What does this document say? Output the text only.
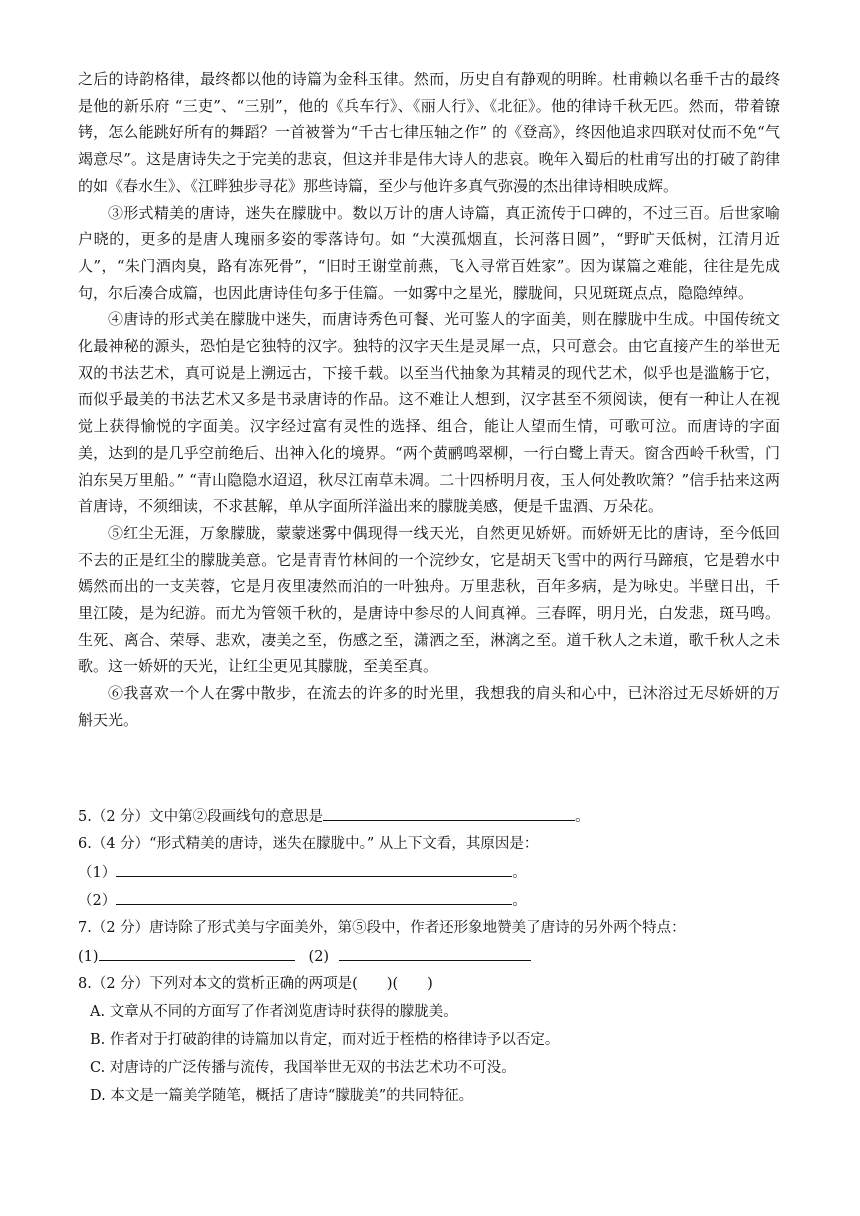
之后的诗韵格律，最终都以他的诗篇为金科玉律。然而，历史自有静观的明眸。杜甫赖以名垂千古的最终是他的新乐府 “三吏”、“三别”，他的《兵车行》、《丽人行》、《北征》。他的律诗千秋无匹。然而，带着镣铐，怎么能跳好所有的舞蹈？一首被誉为“千古七律压轴之作” 的《登高》，终因他追求四联对仗而不免“气竭意尽”。这是唐诗失之于完美的悲哀，但这并非是伟大诗人的悲哀。晚年入蜀后的杜甫写出的打破了韵律的如《春水生》、《江畔独步寻花》那些诗篇，至少与他许多真气弥漫的杰出律诗相映成辉。

③形式精美的唐诗，迷失在朦胧中。数以万计的唐人诗篇，真正流传于口碑的，不过三百。后世家喻户晓的，更多的是唐人瑰丽多姿的零落诗句。如 “大漠孤烟直，长河落日圆”，“野旷天低树，江清月近人”，“朱门酒肉臭，路有冻死骨”，“旧时王谢堂前燕，飞入寻常百姓家”。因为谋篇之难能，往往是先成句，尔后凑合成篇，也因此唐诗佳句多于佳篇。一如雾中之星光，朦胧间，只见斑斑点点，隐隐绰绰。

④唐诗的形式美在朦胧中迷失，而唐诗秀色可餐、光可鉴人的字面美，则在朦胧中生成。中国传统文化最神秘的源头，恐怕是它独特的汉字。独特的汉字天生是灵犀一点，只可意会。由它直接产生的举世无双的书法艺术，真可说是上溯远古，下接千载。以至当代抽象为其精灵的现代艺术，似乎也是滥觞于它，而似乎最美的书法艺术又多是书录唐诗的作品。这不难让人想到，汉字甚至不须阅读，便有一种让人在视觉上获得愉悦的字面美。汉字经过富有灵性的选择、组合，能让人望而生情，可歌可泣。而唐诗的字面美，达到的是几乎空前绝后、出神入化的境界。“两个黄鹂鸣翠柳，一行白鹭上青天。窗含西岭千秋雪，门泊东吴万里船。” “青山隐隐水迢迢，秋尽江南草未凋。二十四桥明月夜，玉人何处教吹箫？”信手拈来这两首唐诗，不须细读，不求甚解，单从字面所洋溢出来的朦胧美感，便是千盅酒、万朵花。

⑤红尘无涯，万象朦胧，蒙蒙迷雾中偶现得一线天光，自然更见娇妍。而娇妍无比的唐诗，至今低回不去的正是红尘的朦胧美意。它是青青竹林间的一个浣纱女，它是胡天飞雪中的两行马蹄痕，它是碧水中嫣然而出的一支芙蓉，它是月夜里凄然而泊的一叶独舟。万里悲秋，百年多病，是为咏史。半壁日出，千里江陵，是为纪游。而尤为管领千秋的，是唐诗中参尽的人间真禅。三春晖，明月光，白发悲，斑马鸣。生死、离合、荣辱、悲欢，凄美之至，伤感之至，潇洒之至，淋漓之至。道千秋人之未道，歌千秋人之未歌。这一娇妍的天光，让红尘更见其朦胧，至美至真。

⑥我喜欢一个人在雾中散步，在流去的许多的时光里，我想我的肩头和心中，已沐浴过无尽娇妍的万斛天光。

5.（2 分）文中第②段画线句的意思是	。
6.（4 分）“形式精美的唐诗，迷失在朦胧中。” 从上下文看，其原因是：
（1）	。
（2）	。
7.（2 分）唐诗除了形式美与字面美外，第⑤段中，作者还形象地赞美了唐诗的另外两个特点：
(1)	(2)
8.（2 分）下列对本文的赏析正确的两项是(　　)(　　)
A. 文章从不同的方面写了作者浏览唐诗时获得的朦胧美。
B. 作者对于打破韵律的诗篇加以肯定，而对近于桎梏的格律诗予以否定。
C. 对唐诗的广泛传播与流传，我国举世无双的书法艺术功不可没。
D. 本文是一篇美学随笔，概括了唐诗“朦胧美”的共同特征。
